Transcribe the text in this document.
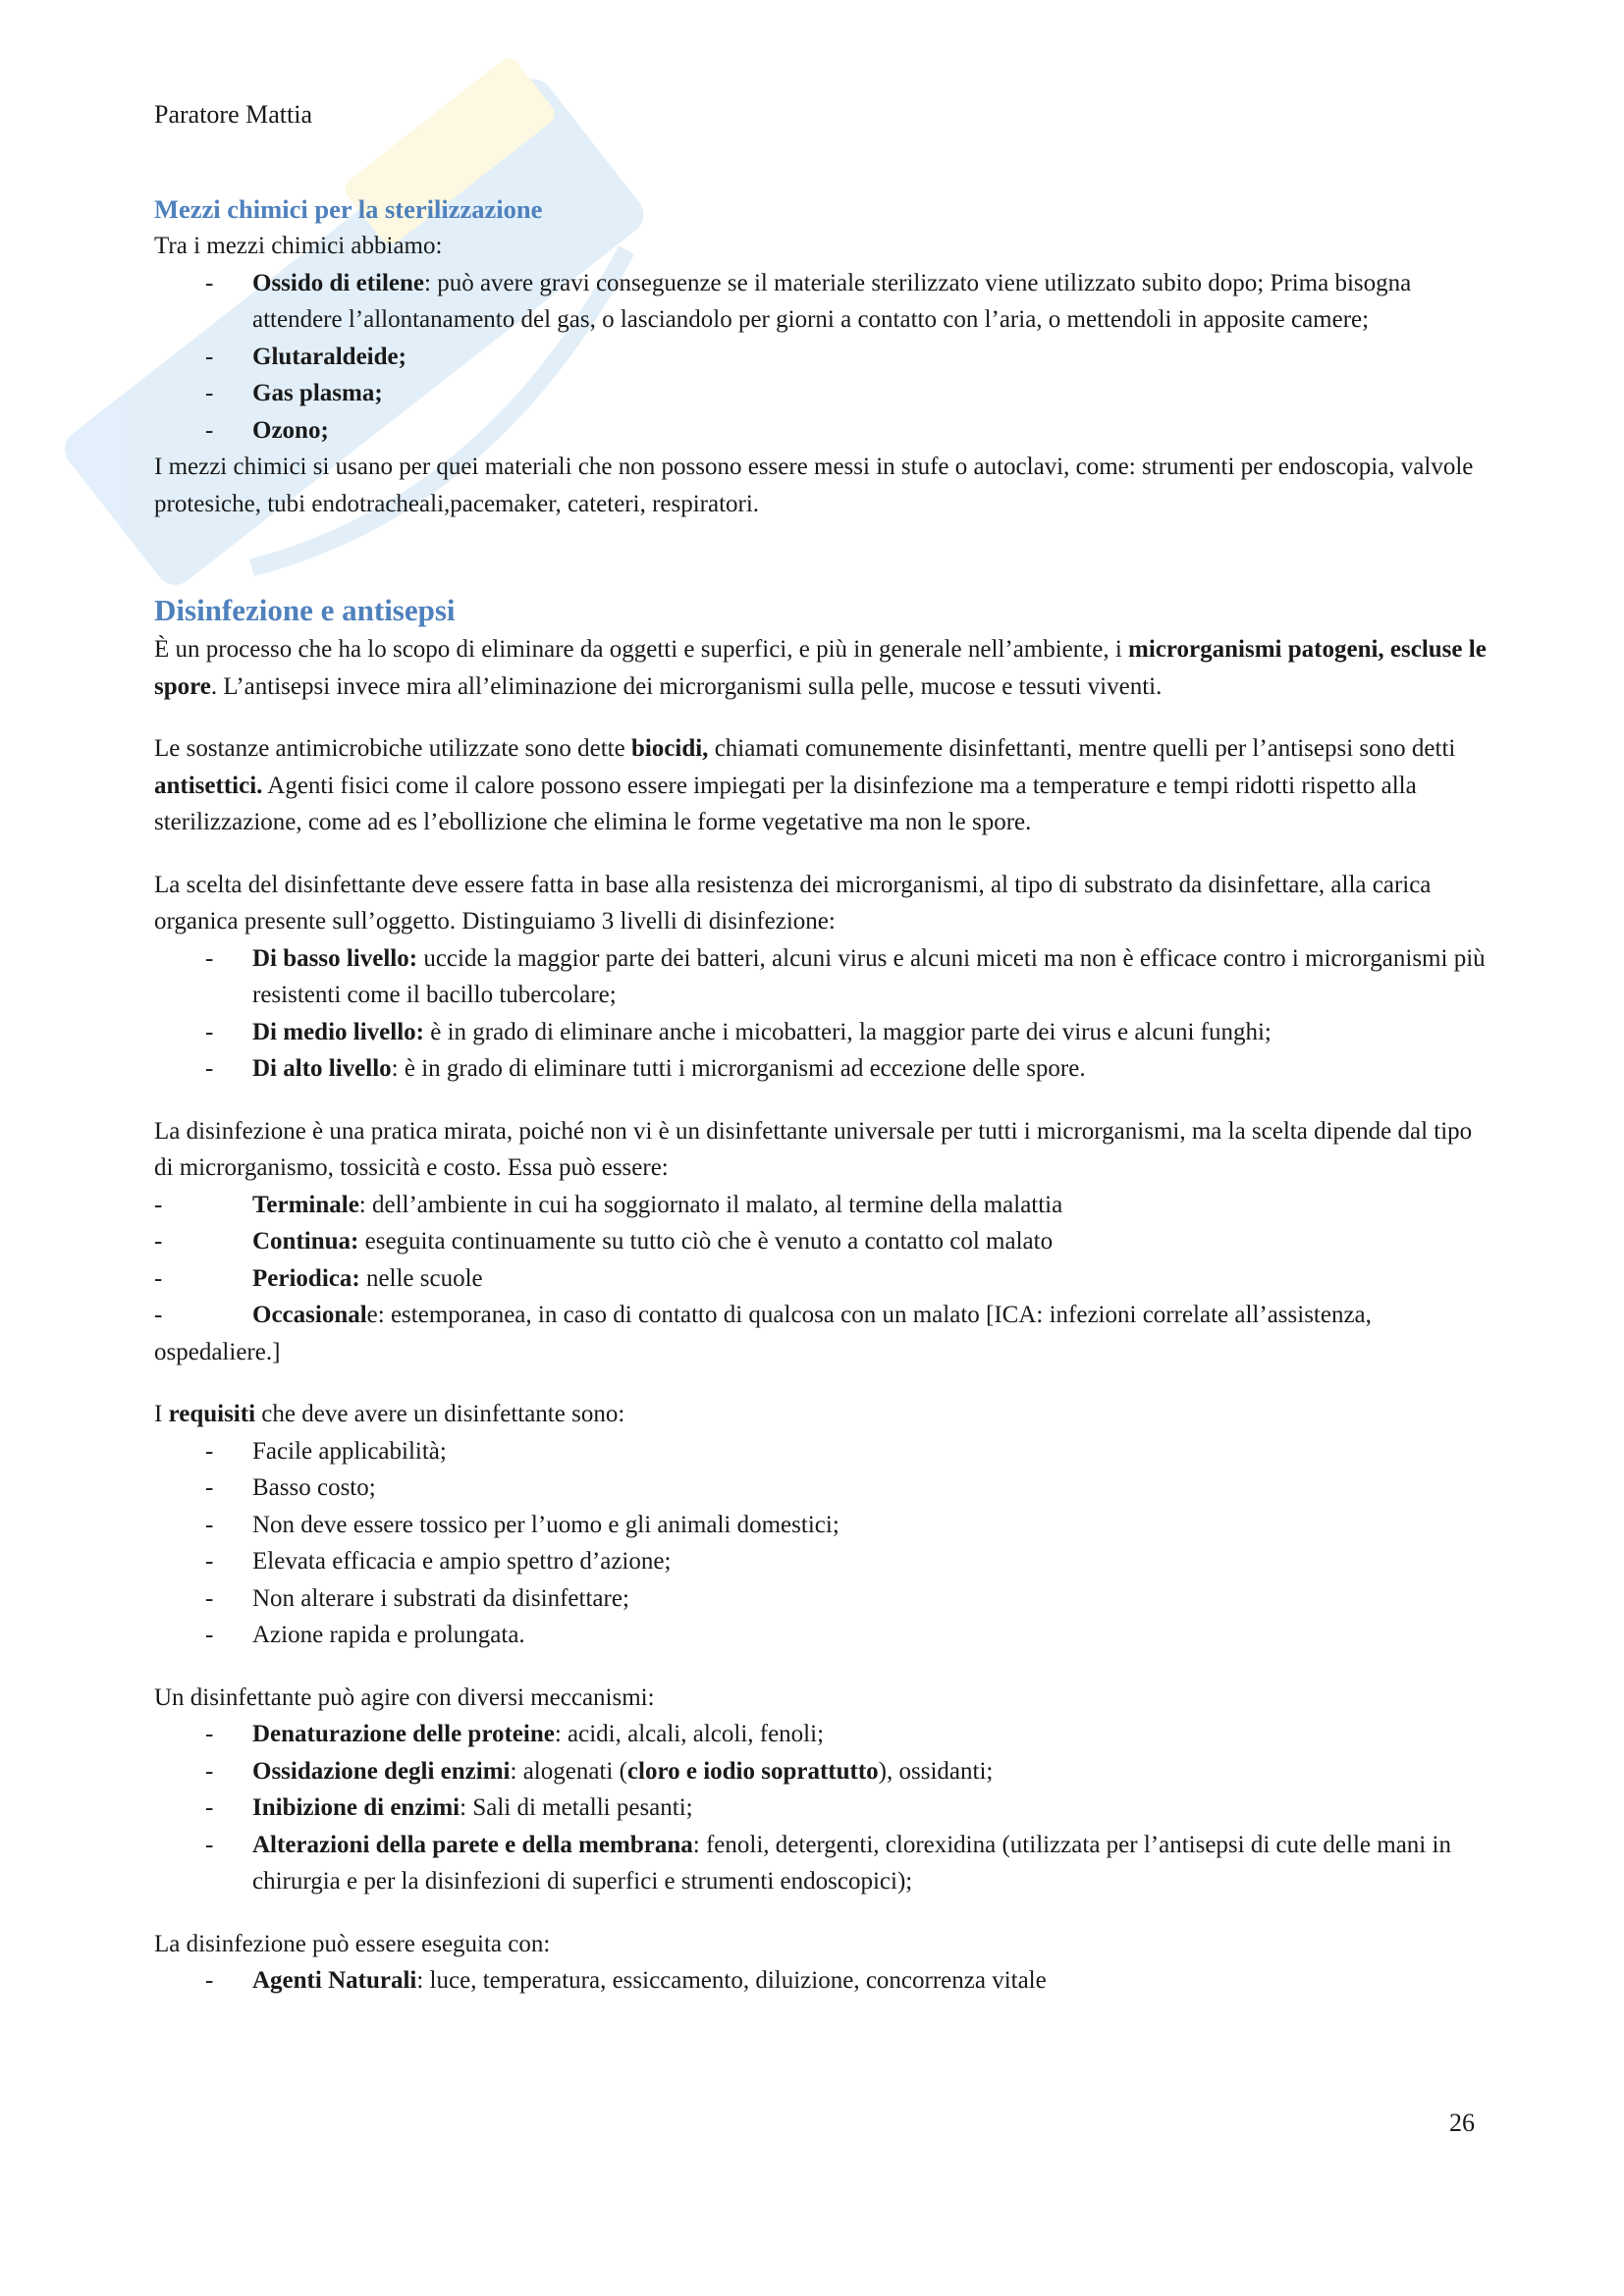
Paratore Mattia
Mezzi chimici per la sterilizzazione

Tra i mezzi chimici abbiamo:

- Ossido di etilene: può avere gravi conseguenze se il materiale sterilizzato viene utilizzato subito dopo; Prima bisogna attendere l’allontanamento del gas, o lasciandolo per giorni a contatto con l’aria, o mettendoli in apposite camere;
- Glutaraldeide;
- Gas plasma;
- Ozono;

I mezzi chimici si usano per quei materiali che non possono essere messi in stufe o autoclavi, come: strumenti per endoscopia, valvole protesiche, tubi endotracheali,pacemaker, cateteri, respiratori.

Disinfezione e antisepsi

È un processo che ha lo scopo di eliminare da oggetti e superfici, e più in generale nell’ambiente, i microrganismi patogeni, escluse le spore. L’antisepsi invece mira all’eliminazione dei microrganismi sulla pelle, mucose e tessuti viventi.

Le sostanze antimicrobiche utilizzate sono dette biocidi, chiamati comunemente disinfettanti, mentre quelli per l’antisepsi sono detti antisettici. Agenti fisici come il calore possono essere impiegati per la disinfezione ma a temperature e tempi ridotti rispetto alla sterilizzazione, come ad es l’ebollizione che elimina le forme vegetative ma non le spore.

La scelta del disinfettante deve essere fatta in base alla resistenza dei microrganismi, al tipo di substrato da disinfettare, alla carica organica presente sull’oggetto. Distinguiamo 3 livelli di disinfezione:

- Di basso livello: uccide la maggior parte dei batteri, alcuni virus e alcuni miceti ma non è efficace contro i microrganismi più resistenti come il bacillo tubercolare;
- Di medio livello: è in grado di eliminare anche i micobatteri, la maggior parte dei virus e alcuni funghi;
- Di alto livello: è in grado di eliminare tutti i microrganismi ad eccezione delle spore.

La disinfezione è una pratica mirata, poiché non vi è un disinfettante universale per tutti i microrganismi, ma la scelta dipende dal tipo di microrganismo, tossicità e costo. Essa può essere:

-	Terminale: dell’ambiente in cui ha soggiornato il malato, al termine della malattia
-	Continua: eseguita continuamente su tutto ciò che è venuto a contatto col malato
-	Periodica: nelle scuole
-	Occasionale: estemporanea, in caso di contatto di qualcosa con un malato [ICA: infezioni correlate all’assistenza, ospedaliere.]

I requisiti che deve avere un disinfettante sono:

- Facile applicabilità;
- Basso costo;
- Non deve essere tossico per l’uomo e gli animali domestici;
- Elevata efficacia e ampio spettro d’azione;
- Non alterare i substrati da disinfettare;
- Azione rapida e prolungata.

Un disinfettante può agire con diversi meccanismi:

- Denaturazione delle proteine: acidi, alcali, alcoli, fenoli;
- Ossidazione degli enzimi: alogenati (cloro e iodio soprattutto), ossidanti;
- Inibizione di enzimi: Sali di metalli pesanti;
- Alterazioni della parete e della membrana: fenoli, detergenti, clorexidina (utilizzata per l’antisepsi di cute delle mani in chirurgia e per la disinfezioni di superfici e strumenti endoscopici);

La disinfezione può essere eseguita con:

- Agenti Naturali: luce, temperatura, essiccamento, diluizione, concorrenza vitale
26
